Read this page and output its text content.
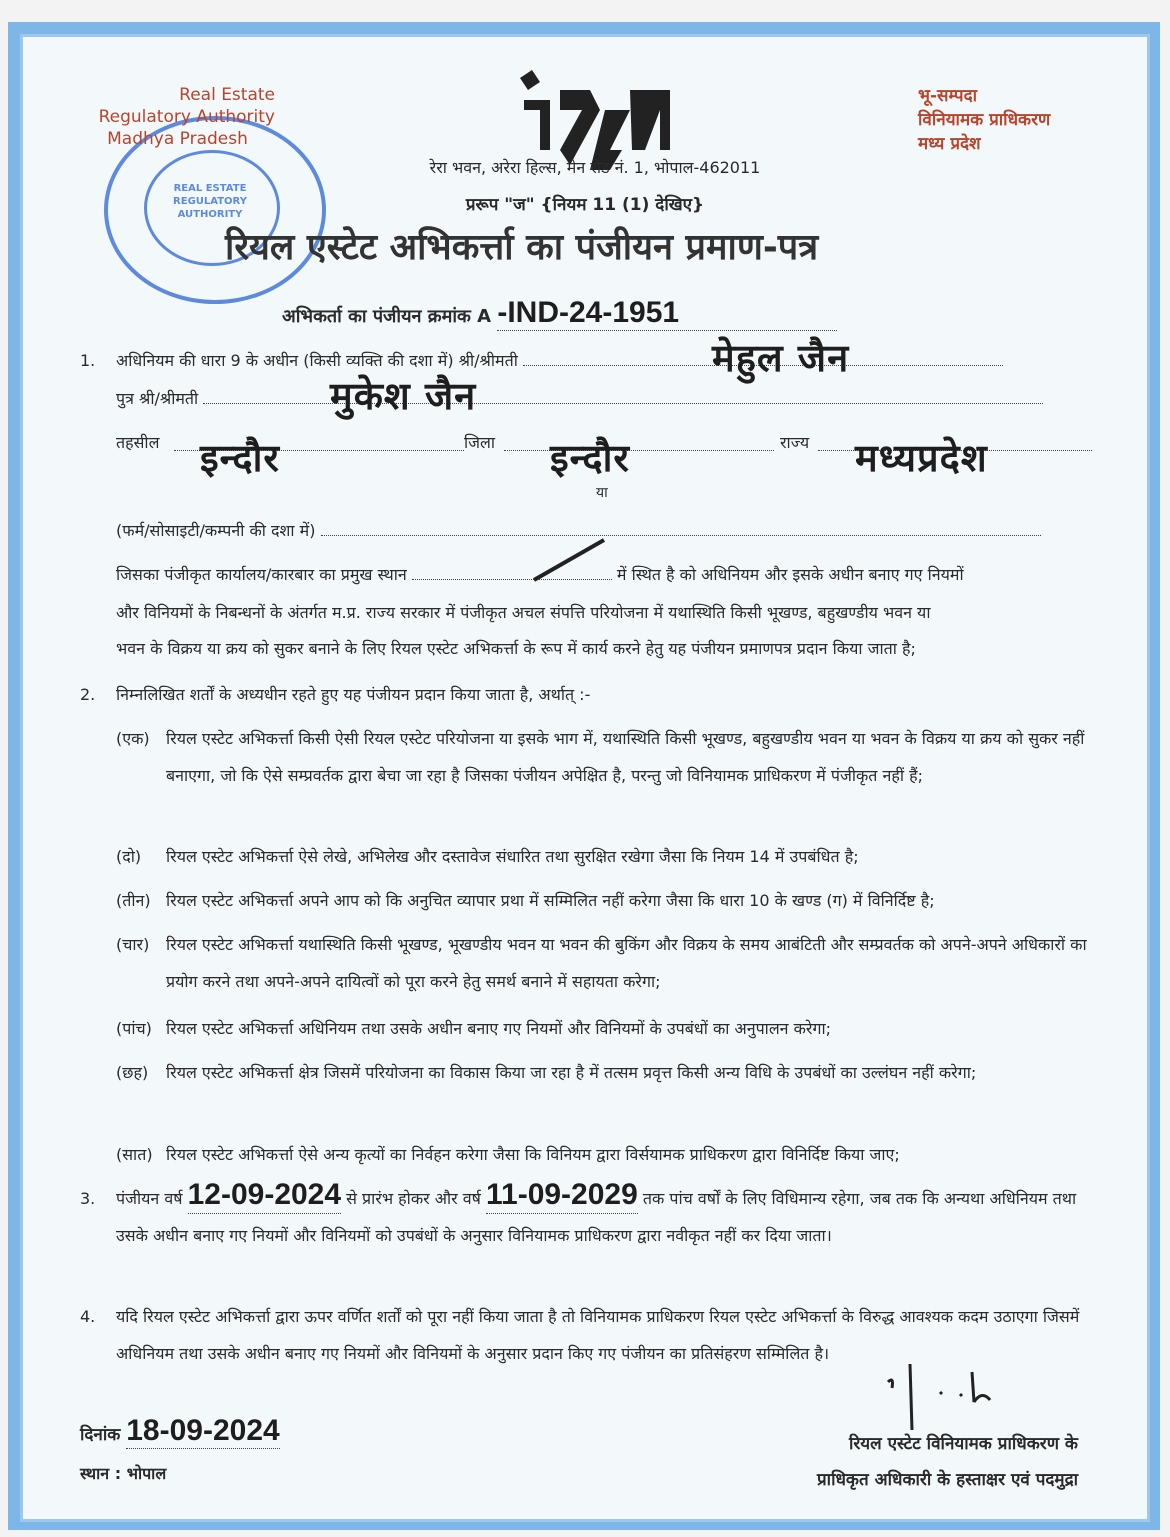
REAL ESTATE REGULATORY AUTHORITY
Real Estate
Regulatory Authority
Madhya Pradesh
भू-सम्पदा
विनियामक प्राधिकरण
मध्य प्रदेश
रेरा भवन, अरेरा हिल्स, मेन रोड नं. 1, भोपाल-462011
प्ररूप "ज" {नियम 11 (1) देखिए}
रियल एस्टेट अभिकर्त्ता का पंजीयन प्रमाण-पत्र
अभिकर्ता का पंजीयन क्रमांक A -IND-24-1951
1. अधिनियम की धारा 9 के अधीन (किसी व्यक्ति की दशा में) श्री/श्रीमती	मेहुल जैन
पुत्र श्री/श्रीमती	मुकेश जैन
तहसील इन्दौर	जिला इन्दौर
या
राज्य मध्यप्रदेश
(फर्म/सोसाइटी/कम्पनी की दशा में)
जिसका पंजीकृत कार्यालय/कारबार का प्रमुख स्थान	में स्थित है को अधिनियम और इसके अधीन बनाए गए नियमों
और विनियमों के निबन्धनों के अंतर्गत म.प्र. राज्य सरकार में पंजीकृत अचल संपत्ति परियोजना में यथास्थिति किसी भूखण्ड, बहुखण्डीय भवन या
भवन के विक्रय या क्रय को सुकर बनाने के लिए रियल एस्टेट अभिकर्त्ता के रूप में कार्य करने हेतु यह पंजीयन प्रमाणपत्र प्रदान किया जाता है;
2. निम्नलिखित शर्तों के अध्यधीन रहते हुए यह पंजीयन प्रदान किया जाता है, अर्थात् :-
(एक) रियल एस्टेट अभिकर्त्ता किसी ऐसी रियल एस्टेट परियोजना या इसके भाग में, यथास्थिति किसी भूखण्ड, बहुखण्डीय भवन या भवन के विक्रय या क्रय को सुकर नहीं बनाएगा, जो कि ऐसे सम्प्रवर्तक द्वारा बेचा जा रहा है जिसका पंजीयन अपेक्षित है, परन्तु जो विनियामक प्राधिकरण में पंजीकृत नहीं हैं;
(दो) रियल एस्टेट अभिकर्त्ता ऐसे लेखे, अभिलेख और दस्तावेज संधारित तथा सुरक्षित रखेगा जैसा कि नियम 14 में उपबंधित है;
(तीन) रियल एस्टेट अभिकर्त्ता अपने आप को कि अनुचित व्यापार प्रथा में सम्मिलित नहीं करेगा जैसा कि धारा 10 के खण्ड (ग) में विनिर्दिष्ट है;
(चार) रियल एस्टेट अभिकर्त्ता यथास्थिति किसी भूखण्ड, भूखण्डीय भवन या भवन की बुकिंग और विक्रय के समय आबंटिती और सम्प्रवर्तक को अपने-अपने अधिकारों का प्रयोग करने तथा अपने-अपने दायित्वों को पूरा करने हेतु समर्थ बनाने में सहायता करेगा;
(पांच) रियल एस्टेट अभिकर्त्ता अधिनियम तथा उसके अधीन बनाए गए नियमों और विनियमों के उपबंधों का अनुपालन करेगा;
(छह) रियल एस्टेट अभिकर्त्ता क्षेत्र जिसमें परियोजना का विकास किया जा रहा है में तत्सम प्रवृत्त किसी अन्य विधि के उपबंधों का उल्लंघन नहीं करेगा;
(सात) रियल एस्टेट अभिकर्त्ता ऐसे अन्य कृत्यों का निर्वहन करेगा जैसा कि विनियम द्वारा विर्सयामक प्राधिकरण द्वारा विनिर्दिष्ट किया जाए;
3. पंजीयन वर्ष 12-09-2024 से प्रारंभ होकर और वर्ष 11-09-2029 तक पांच वर्षों के लिए विधिमान्य रहेगा, जब तक कि अन्यथा अधिनियम तथा उसके अधीन बनाए गए नियमों और विनियमों को उपबंधों के अनुसार विनियामक प्राधिकरण द्वारा नवीकृत नहीं कर दिया जाता।
4. यदि रियल एस्टेट अभिकर्त्ता द्वारा ऊपर वर्णित शर्तों को पूरा नहीं किया जाता है तो विनियामक प्राधिकरण रियल एस्टेट अभिकर्त्ता के विरुद्ध आवश्यक कदम उठाएगा जिसमें अधिनियम तथा उसके अधीन बनाए गए नियमों और विनियमों के अनुसार प्रदान किए गए पंजीयन का प्रतिसंहरण सम्मिलित है।
दिनांक 18-09-2024
स्थान : भोपाल
रियल एस्टेट विनियामक प्राधिकरण के
प्राधिकृत अधिकारी के हस्ताक्षर एवं पदमुद्रा
